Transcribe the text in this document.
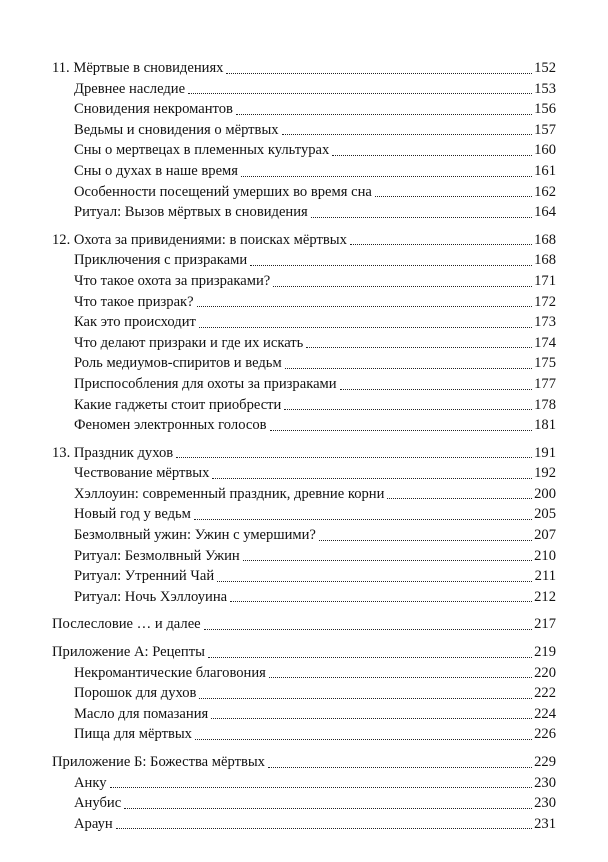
11. Мёртвые в сновидениях	152
Древнее наследие	153
Сновидения некромантов	156
Ведьмы и сновидения о мёртвых	157
Сны о мертвецах в племенных культурах	160
Сны о духах в наше время	161
Особенности посещений умерших во время сна	162
Ритуал: Вызов мёртвых в сновидения	164
12. Охота за привидениями: в поисках мёртвых	168
Приключения с призраками	168
Что такое охота за призраками?	171
Что такое призрак?	172
Как это происходит	173
Что делают призраки и где их искать	174
Роль медиумов-спиритов и ведьм	175
Приспособления для охоты за призраками	177
Какие гаджеты стоит приобрести	178
Феномен электронных голосов	181
13. Праздник духов	191
Чествование мёртвых	192
Хэллоуин: современный праздник, древние корни	200
Новый год у ведьм	205
Безмолвный ужин: Ужин с умершими?	207
Ритуал: Безмолвный Ужин	210
Ритуал: Утренний Чай	211
Ритуал: Ночь Хэллоуина	212
Послесловие … и далее	217
Приложение А: Рецепты	219
Некромантические благовония	220
Порошок для духов	222
Масло для помазания	224
Пища для мёртвых	226
Приложение Б: Божества мёртвых	229
Анку	230
Анубис	230
Араун	231
